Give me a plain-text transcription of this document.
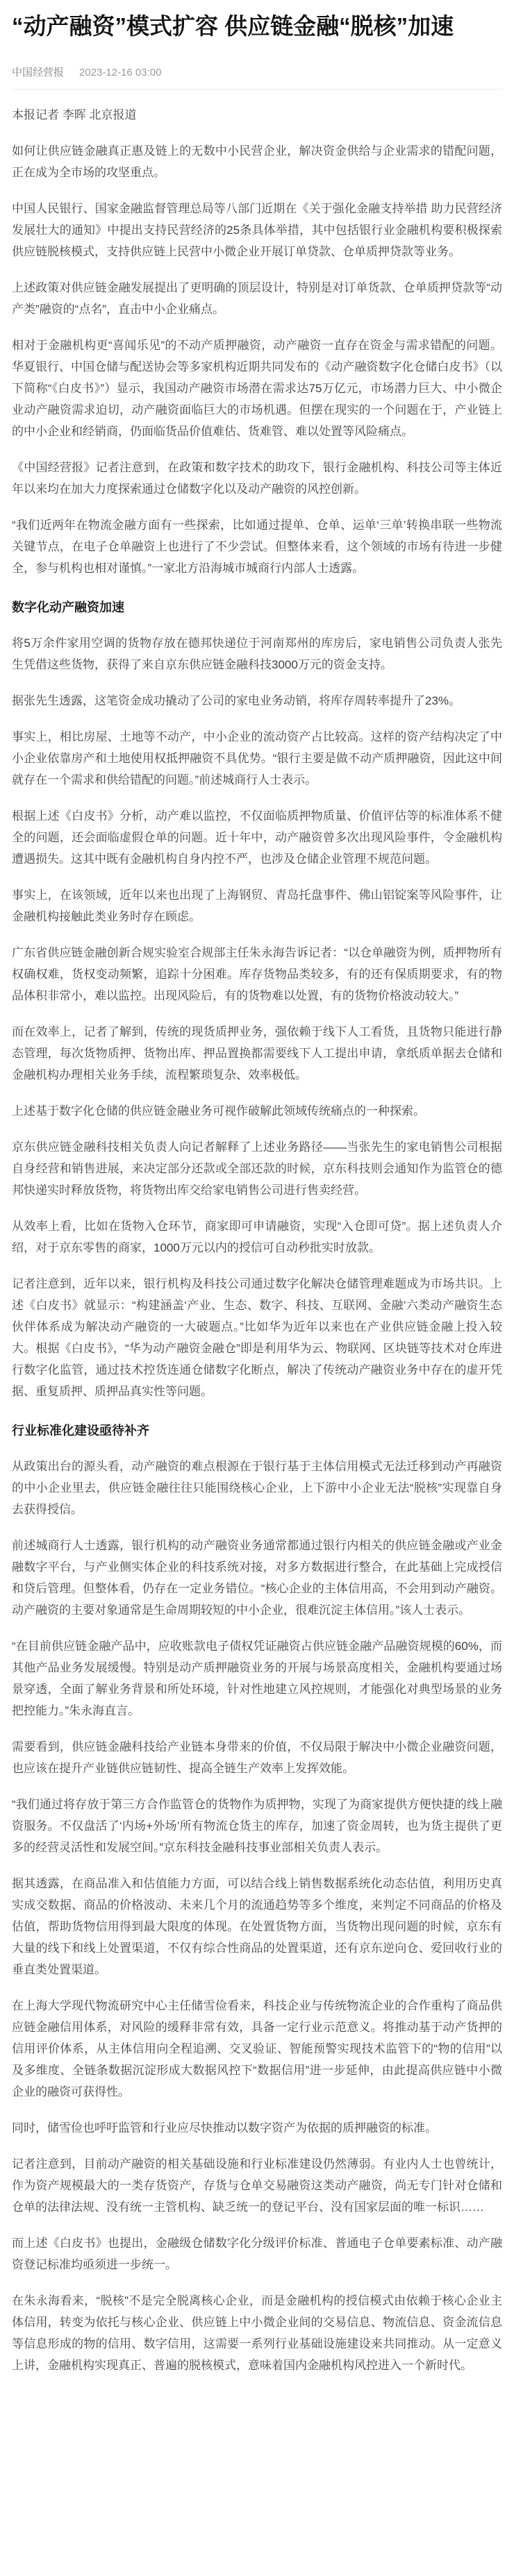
“动产融资”模式扩容 供应链金融“脱核”加速
中国经营报 2023-12-16 03:00

本报记者 李晖 北京报道

如何让供应链金融真正惠及链上的无数中小民营企业，解决资金供给与企业需求的错配问题，正在成为全市场的攻坚重点。

中国人民银行、国家金融监督管理总局等八部门近期在《关于强化金融支持举措 助力民营经济发展壮大的通知》中提出支持民营经济的25条具体举措，其中包括银行业金融机构要积极探索供应链脱核模式，支持供应链上民营中小微企业开展订单贷款、仓单质押贷款等业务。

上述政策对供应链金融发展提出了更明确的顶层设计，特别是对订单货款、仓单质押贷款等“动产类”融资的“点名”，直击中小企业痛点。

相对于金融机构更“喜闻乐见”的不动产质押融资，动产融资一直存在资金与需求错配的问题。华夏银行、中国仓储与配送协会等多家机构近期共同发布的《动产融资数字化仓储白皮书》（以下简称“《白皮书》”）显示，我国动产融资市场潜在需求达75万亿元，市场潜力巨大、中小微企业动产融资需求迫切，动产融资面临巨大的市场机遇。但摆在现实的一个问题在于，产业链上的中小企业和经销商，仍面临货品价值难估、货难管、难以处置等风险痛点。

《中国经营报》记者注意到，在政策和数字技术的助攻下，银行金融机构、科技公司等主体近年以来均在加大力度探索通过仓储数字化以及动产融资的风控创新。

“我们近两年在物流金融方面有一些探索，比如通过提单、仓单、运单‘三单’转换串联一些物流关键节点，在电子仓单融资上也进行了不少尝试。但整体来看，这个领域的市场有待进一步健全，参与机构也相对谨慎。”一家北方沿海城市城商行内部人士透露。

数字化动产融资加速

将5万余件家用空调的货物存放在德邦快递位于河南郑州的库房后，家电销售公司负责人张先生凭借这些货物，获得了来自京东供应链金融科技3000万元的资金支持。

据张先生透露，这笔资金成功撬动了公司的家电业务动销，将库存周转率提升了23%。

事实上，相比房屋、土地等不动产，中小企业的流动资产占比较高。这样的资产结构决定了中小企业依靠房产和土地使用权抵押融资不具优势。“银行主要是做不动产质押融资，因此这中间就存在一个需求和供给错配的问题。”前述城商行人士表示。

根据上述《白皮书》分析，动产难以监控，不仅面临质押物质量、价值评估等的标准体系不健全的问题，还会面临虚假仓单的问题。近十年中，动产融资曾多次出现风险事件，令金融机构遭遇损失。这其中既有金融机构自身内控不严，也涉及仓储企业管理不规范问题。

事实上，在该领域，近年以来也出现了上海钢贸、青岛托盘事件、佛山铝锭案等风险事件，让金融机构接触此类业务时存在顾虑。

广东省供应链金融创新合规实验室合规部主任朱永海告诉记者：“以仓单融资为例，质押物所有权确权难，货权变动频繁，追踪十分困难。库存货物品类较多，有的还有保质期要求，有的物品体积非常小，难以监控。出现风险后，有的货物难以处置，有的货物价格波动较大。”

而在效率上，记者了解到，传统的现货质押业务，强依赖于线下人工看货，且货物只能进行静态管理，每次货物质押、货物出库、押品置换都需要线下人工提出申请，拿纸质单据去仓储和金融机构办理相关业务手续，流程繁琐复杂、效率极低。

上述基于数字化仓储的供应链金融业务可视作破解此领域传统痛点的一种探索。

京东供应链金融科技相关负责人向记者解释了上述业务路径——当张先生的家电销售公司根据自身经营和销售进展，来决定部分还款或全部还款的时候，京东科技则会通知作为监管仓的德邦快递实时释放货物，将货物出库交给家电销售公司进行售卖经营。

从效率上看，比如在货物入仓环节，商家即可申请融资，实现“入仓即可贷”。据上述负责人介绍，对于京东零售的商家，1000万元以内的授信可自动秒批实时放款。

记者注意到，近年以来，银行机构及科技公司通过数字化解决仓储管理难题成为市场共识。上述《白皮书》就显示：“构建涵盖‘产业、生态、数字、科技、互联网、金融’六类动产融资生态伙伴体系成为解决动产融资的一大破题点。”比如华为近年以来也在产业供应链金融上投入较大。根据《白皮书》，“华为动产融资金融仓”即是利用华为云、物联网、区块链等技术对仓库进行数字化监管，通过技术控货连通仓储数字化断点，解决了传统动产融资业务中存在的虚开凭据、重复质押、质押品真实性等问题。

行业标准化建设亟待补齐

从政策出台的源头看，动产融资的难点根源在于银行基于主体信用模式无法迁移到动产再融资的中小企业里去，供应链金融往往只能围绕核心企业，上下游中小企业无法“脱核”实现靠自身去获得授信。

前述城商行人士透露，银行机构的动产融资业务通常都通过银行内相关的供应链金融或产业金融数字平台，与产业侧实体企业的科技系统对接，对多方数据进行整合，在此基础上完成授信和贷后管理。但整体看，仍存在一定业务错位。“核心企业的主体信用高，不会用到动产融资。动产融资的主要对象通常是生命周期较短的中小企业，很难沉淀主体信用。”该人士表示。

“在目前供应链金融产品中，应收账款电子债权凭证融资占供应链金融产品融资规模的60%，而其他产品业务发展缓慢。特别是动产质押融资业务的开展与场景高度相关，金融机构要通过场景穿透，全面了解业务背景和所处环境，针对性地建立风控规则，才能强化对典型场景的业务把控能力。”朱永海直言。

需要看到，供应链金融科技给产业链本身带来的价值，不仅局限于解决中小微企业融资问题，也应该在提升产业链供应链韧性、提高全链生产效率上发挥效能。

“我们通过将存放于第三方合作监管仓的货物作为质押物，实现了为商家提供方便快捷的线上融资服务。不仅盘活了‘内场+外场’所有物流仓货主的库存，加速了资金周转，也为货主提供了更多的经营灵活性和发展空间。”京东科技金融科技事业部相关负责人表示。

据其透露，在商品准入和估值能力方面，可以结合线上销售数据系统化动态估值，利用历史真实成交数据、商品的价格波动、未来几个月的流通趋势等多个维度，来判定不同商品的价格及估值，帮助货物信用得到最大限度的体现。在处置货物方面，当货物出现问题的时候，京东有大量的线下和线上处置渠道，不仅有综合性商品的处置渠道，还有京东逆向仓、爱回收行业的垂直类处置渠道。

在上海大学现代物流研究中心主任储雪俭看来，科技企业与传统物流企业的合作重构了商品供应链金融信用体系，对风险的缓释非常有效，具备一定行业示范意义。将推动基于动产货押的信用评价体系，从主体信用向全程追溯、交叉验证、智能预警实现技术监管下的“物的信用”以及多维度、全链条数据沉淀形成大数据风控下“数据信用”进一步延伸，由此提高供应链中小微企业的融资可获得性。

同时，储雪俭也呼吁监管和行业应尽快推动以数字资产为依据的质押融资的标准。

记者注意到，目前动产融资的相关基础设施和行业标准建设仍然薄弱。有业内人士也曾统计，作为资产规模最大的一类存货资产，存货与仓单交易融资这类动产融资，尚无专门针对仓储和仓单的法律法规、没有统一主管机构、缺乏统一的登记平台、没有国家层面的唯一标识……

而上述《白皮书》也提出，金融级仓储数字化分级评价标准、普通电子仓单要素标准、动产融资登记标准均亟须进一步统一。

在朱永海看来，“脱核”不是完全脱离核心企业，而是金融机构的授信模式由依赖于核心企业主体信用，转变为依托与核心企业、供应链上中小微企业间的交易信息、物流信息、资金流信息等信息形成的物的信用、数字信用，这需要一系列行业基础设施建设来共同推动。从一定意义上讲，金融机构实现真正、普遍的脱核模式，意味着国内金融机构风控进入一个新时代。
